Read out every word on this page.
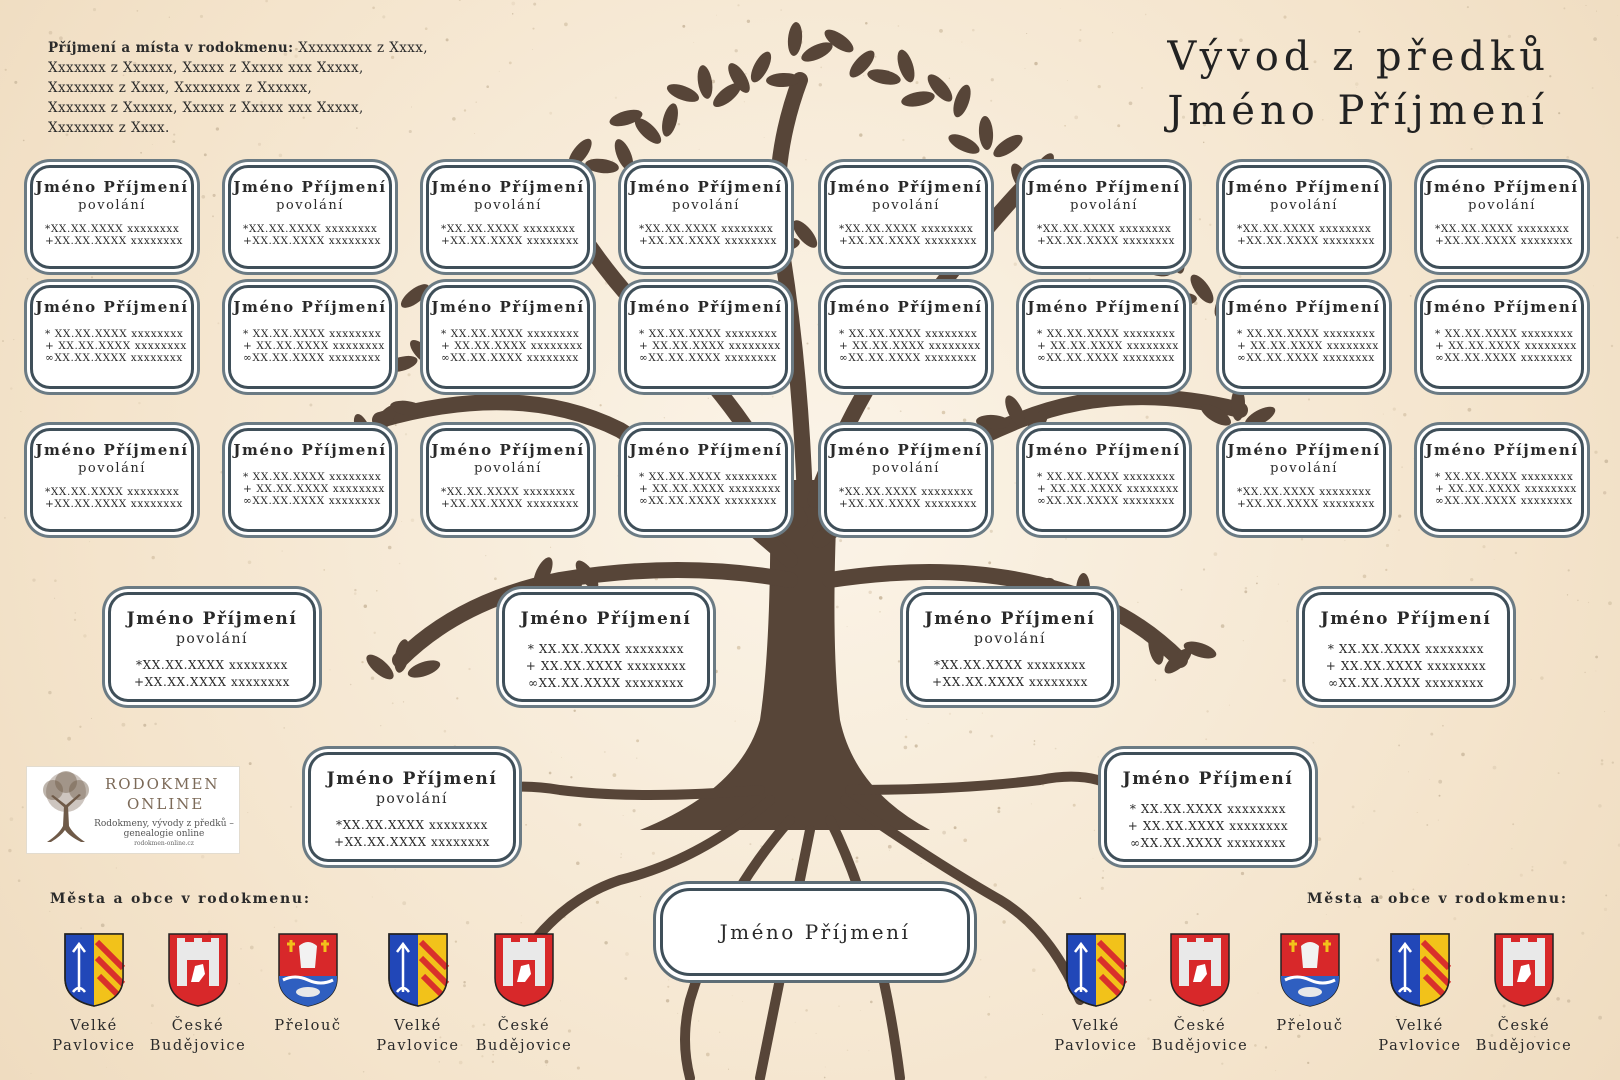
Příjmení a místa v rodokmenu: Xxxxxxxxx z Xxxx,
Xxxxxxx z Xxxxxx, Xxxxx z Xxxxx xxx Xxxxx,
Xxxxxxxx z Xxxx, Xxxxxxxx z Xxxxxx,
Xxxxxxx z Xxxxxx, Xxxxx z Xxxxx xxx Xxxxx,
Xxxxxxxx z Xxxx.
Vývod z předků
Jméno Příjmení
Jméno Příjmení
povolání
*XX.XX.XXXX xxxxxxxx
+XX.XX.XXXX xxxxxxxx
Jméno Příjmení
povolání
*XX.XX.XXXX xxxxxxxx
+XX.XX.XXXX xxxxxxxx
Jméno Příjmení
povolání
*XX.XX.XXXX xxxxxxxx
+XX.XX.XXXX xxxxxxxx
Jméno Příjmení
povolání
*XX.XX.XXXX xxxxxxxx
+XX.XX.XXXX xxxxxxxx
Jméno Příjmení
povolání
*XX.XX.XXXX xxxxxxxx
+XX.XX.XXXX xxxxxxxx
Jméno Příjmení
povolání
*XX.XX.XXXX xxxxxxxx
+XX.XX.XXXX xxxxxxxx
Jméno Příjmení
povolání
*XX.XX.XXXX xxxxxxxx
+XX.XX.XXXX xxxxxxxx
Jméno Příjmení
povolání
*XX.XX.XXXX xxxxxxxx
+XX.XX.XXXX xxxxxxxx
Jméno Příjmení
* XX.XX.XXXX xxxxxxxx
+ XX.XX.XXXX xxxxxxxx
∞XX.XX.XXXX xxxxxxxx
Jméno Příjmení
* XX.XX.XXXX xxxxxxxx
+ XX.XX.XXXX xxxxxxxx
∞XX.XX.XXXX xxxxxxxx
Jméno Příjmení
* XX.XX.XXXX xxxxxxxx
+ XX.XX.XXXX xxxxxxxx
∞XX.XX.XXXX xxxxxxxx
Jméno Příjmení
* XX.XX.XXXX xxxxxxxx
+ XX.XX.XXXX xxxxxxxx
∞XX.XX.XXXX xxxxxxxx
Jméno Příjmení
* XX.XX.XXXX xxxxxxxx
+ XX.XX.XXXX xxxxxxxx
∞XX.XX.XXXX xxxxxxxx
Jméno Příjmení
* XX.XX.XXXX xxxxxxxx
+ XX.XX.XXXX xxxxxxxx
∞XX.XX.XXXX xxxxxxxx
Jméno Příjmení
* XX.XX.XXXX xxxxxxxx
+ XX.XX.XXXX xxxxxxxx
∞XX.XX.XXXX xxxxxxxx
Jméno Příjmení
* XX.XX.XXXX xxxxxxxx
+ XX.XX.XXXX xxxxxxxx
∞XX.XX.XXXX xxxxxxxx
Jméno Příjmení
povolání
*XX.XX.XXXX xxxxxxxx
+XX.XX.XXXX xxxxxxxx
Jméno Příjmení
* XX.XX.XXXX xxxxxxxx
+ XX.XX.XXXX xxxxxxxx
∞XX.XX.XXXX xxxxxxxx
Jméno Příjmení
povolání
*XX.XX.XXXX xxxxxxxx
+XX.XX.XXXX xxxxxxxx
Jméno Příjmení
* XX.XX.XXXX xxxxxxxx
+ XX.XX.XXXX xxxxxxxx
∞XX.XX.XXXX xxxxxxxx
Jméno Příjmení
povolání
*XX.XX.XXXX xxxxxxxx
+XX.XX.XXXX xxxxxxxx
Jméno Příjmení
* XX.XX.XXXX xxxxxxxx
+ XX.XX.XXXX xxxxxxxx
∞XX.XX.XXXX xxxxxxxx
Jméno Příjmení
povolání
*XX.XX.XXXX xxxxxxxx
+XX.XX.XXXX xxxxxxxx
Jméno Příjmení
* XX.XX.XXXX xxxxxxxx
+ XX.XX.XXXX xxxxxxxx
∞XX.XX.XXXX xxxxxxxx
Jméno Příjmení
povolání
*XX.XX.XXXX xxxxxxxx
+XX.XX.XXXX xxxxxxxx
Jméno Příjmení
* XX.XX.XXXX xxxxxxxx
+ XX.XX.XXXX xxxxxxxx
∞XX.XX.XXXX xxxxxxxx
Jméno Příjmení
povolání
*XX.XX.XXXX xxxxxxxx
+XX.XX.XXXX xxxxxxxx
Jméno Příjmení
* XX.XX.XXXX xxxxxxxx
+ XX.XX.XXXX xxxxxxxx
∞XX.XX.XXXX xxxxxxxx
Jméno Příjmení
povolání
*XX.XX.XXXX xxxxxxxx
+XX.XX.XXXX xxxxxxxx
Jméno Příjmení
* XX.XX.XXXX xxxxxxxx
+ XX.XX.XXXX xxxxxxxx
∞XX.XX.XXXX xxxxxxxx
Jméno Příjmení
RODOKMEN
ONLINE
Rodokmeny, vývody z předků – genealogie online
rodokmen-online.cz
Města a obce v rodokmenu:	Města a obce v rodokmenu:
Velké
Pavlovice
České
Budějovice
Přelouč	Velké
Pavlovice
České
Budějovice
Velké
Pavlovice
České
Budějovice
Přelouč	Velké
Pavlovice
České
Budějovice
